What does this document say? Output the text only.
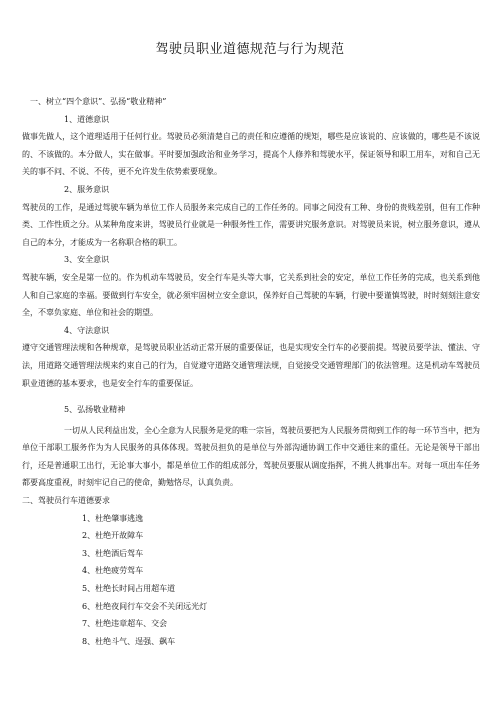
驾驶员职业道德规范与行为规范
一、树立“四个意识”、弘扬“敬业精神”
1、道德意识
做事先做人，这个道理适用于任何行业。驾驶员必须清楚自己的责任和应遵循的规矩，哪些是应该说的、应该做的，哪些是不该说的、不该做的。本分做人，实在做事。平时要加强政治和业务学习，提高个人修养和驾驶水平，保证领导和职工用车，对和自己无关的事不问、不说、不传，更不允许发生依势索要现象。
2、服务意识
驾驶员的工作，是通过驾驶车辆为单位工作人员服务来完成自己的工作任务的。同事之间没有工种、身份的贵贱差别，但有工作种类、工作性质之分。从某种角度来讲，驾驶员行业就是一种服务性工作，需要讲究服务意识。对驾驶员来说，树立服务意识，遵从自己的本分，才能成为一名称职合格的职工。
3、安全意识
驾驶车辆，安全是第一位的。作为机动车驾驶员，安全行车是头等大事，它关系到社会的安定，单位工作任务的完成，也关系到他人和自己家庭的幸福。要做到行车安全，就必须牢固树立安全意识，保养好自己驾驶的车辆，行驶中要谨慎驾驶，时时刻刻注意安全，不辜负家庭、单位和社会的期望。
4、守法意识
遵守交通管理法规和各种规章，是驾驶员职业活动正常开展的重要保证，也是实现安全行车的必要前提。驾驶员要学法、懂法、守法，用道路交通管理法规来约束自己的行为，自觉遵守道路交通管理法规，自觉接受交通管理部门的依法管理。这是机动车驾驶员职业道德的基本要求，也是安全行车的重要保证。
5、弘扬敬业精神
一切从人民利益出发，全心全意为人民服务是党的唯一宗旨，驾驶员要把为人民服务贯彻到工作的每一环节当中，把为单位干部职工服务作为为人民服务的具体体现。驾驶员担负的是单位与外部沟通协调工作中交通往来的重任。无论是领导干部出行，还是普通职工出行，无论事大事小，都是单位工作的组成部分，驾驶员要服从调度指挥，不挑人挑事出车。对每一项出车任务都要高度重视，时刻牢记自己的使命，勤勉恪尽，认真负责。
二、驾驶员行车道德要求
1、杜绝肇事逃逸
2、杜绝开故障车
3、杜绝酒后驾车
4、杜绝疲劳驾车
5、杜绝长时间占用超车道
6、杜绝夜间行车交会不关闭远光灯
7、杜绝违章超车、交会
8、杜绝斗气、逞强、飙车
